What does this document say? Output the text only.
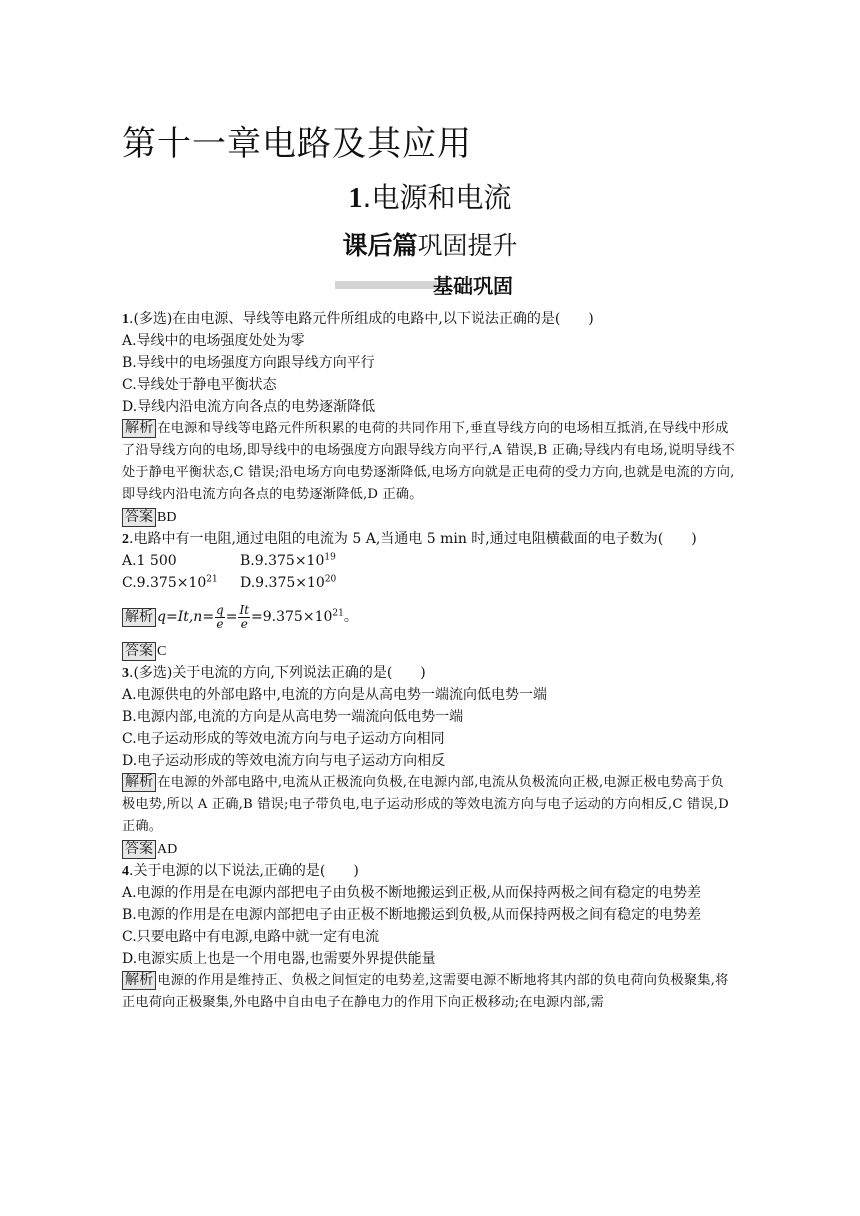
第十一章电路及其应用
1.电源和电流
课后篇巩固提升
基础巩固
1.(多选)在由电源、导线等电路元件所组成的电路中,以下说法正确的是(　　)
A.导线中的电场强度处处为零
B.导线中的电场强度方向跟导线方向平行
C.导线处于静电平衡状态
D.导线内沿电流方向各点的电势逐渐降低
解析 在电源和导线等电路元件所积累的电荷的共同作用下,垂直导线方向的电场相互抵消,在导线中形成了沿导线方向的电场,即导线中的电场强度方向跟导线方向平行,A 错误,B 正确;导线内有电场,说明导线不处于静电平衡状态,C 错误;沿电场方向电势逐渐降低,电场方向就是正电荷的受力方向,也就是电流的方向,即导线内沿电流方向各点的电势逐渐降低,D 正确。
答案 BD
2.电路中有一电阻,通过电阻的电流为 5 A,当通电 5 min 时,通过电阻横截面的电子数为(　　)
A.1 500	$B.9.375\times 10^{19}$
$C.9.375\times 10^{21}$ $D.9.375\times 10^{20}$
解析 $q=It,n= \frac{q}{e} = \frac{It}{e} =9.375\times 10^{21}$。
答案 C
3.(多选)关于电流的方向,下列说法正确的是(　　)
A.电源供电的外部电路中,电流的方向是从高电势一端流向低电势一端
B.电源内部,电流的方向是从高电势一端流向低电势一端
C.电子运动形成的等效电流方向与电子运动方向相同
D.电子运动形成的等效电流方向与电子运动方向相反
解析 在电源的外部电路中,电流从正极流向负极,在电源内部,电流从负极流向正极,电源正极电势高于负极电势,所以 A 正确,B 错误;电子带负电,电子运动形成的等效电流方向与电子运动的方向相反,C 错误,D 正确。
答案 AD
4.关于电源的以下说法,正确的是(　　)
A.电源的作用是在电源内部把电子由负极不断地搬运到正极,从而保持两极之间有稳定的电势差
B.电源的作用是在电源内部把电子由正极不断地搬运到负极,从而保持两极之间有稳定的电势差
C.只要电路中有电源,电路中就一定有电流
D.电源实质上也是一个用电器,也需要外界提供能量
解析 电源的作用是维持正、负极之间恒定的电势差,这需要电源不断地将其内部的负电荷向负极聚集,将正电荷向正极聚集,外电路中自由电子在静电力的作用下向正极移动;在电源内部,需
